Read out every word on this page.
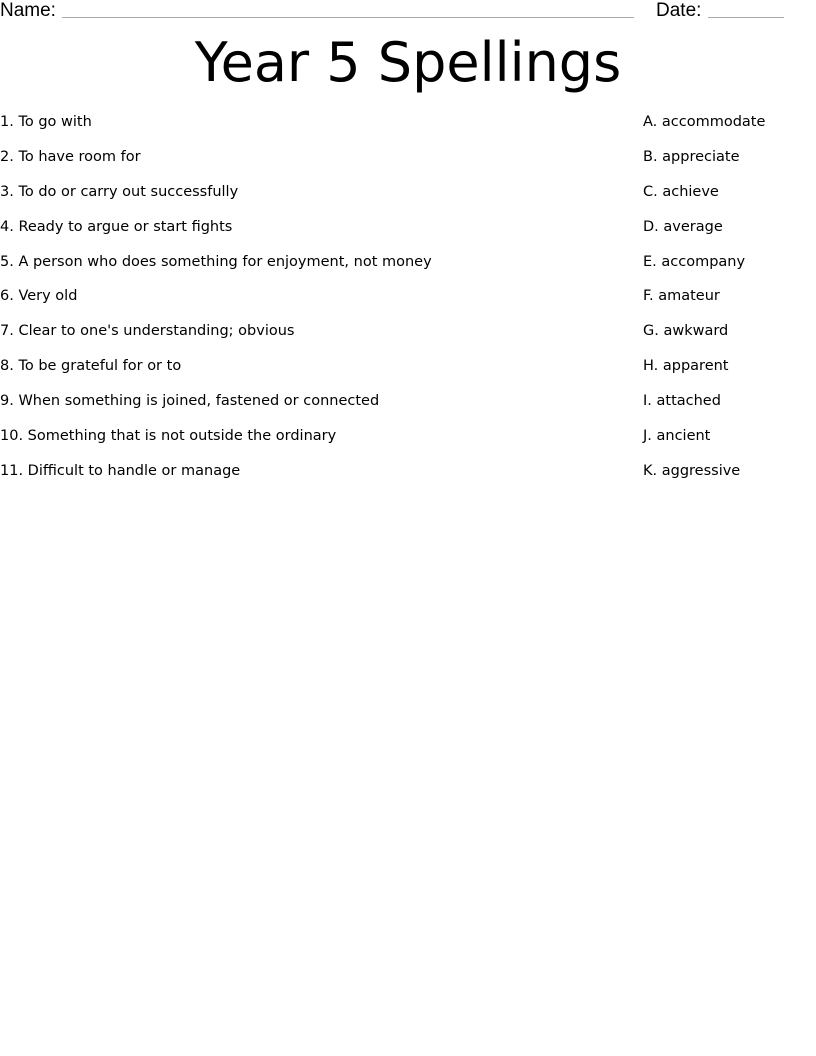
Name:	Date:
Year 5 Spellings
1. To go with	A. accommodate
2. To have room for	B. appreciate
3. To do or carry out successfully	C. achieve
4. Ready to argue or start fights	D. average
5. A person who does something for enjoyment, not money	E. accompany
6. Very old	F. amateur
7. Clear to one's understanding; obvious	G. awkward
8. To be grateful for or to	H. apparent
9. When something is joined, fastened or connected	I. attached
10. Something that is not outside the ordinary	J. ancient
11. Difficult to handle or manage	K. aggressive
